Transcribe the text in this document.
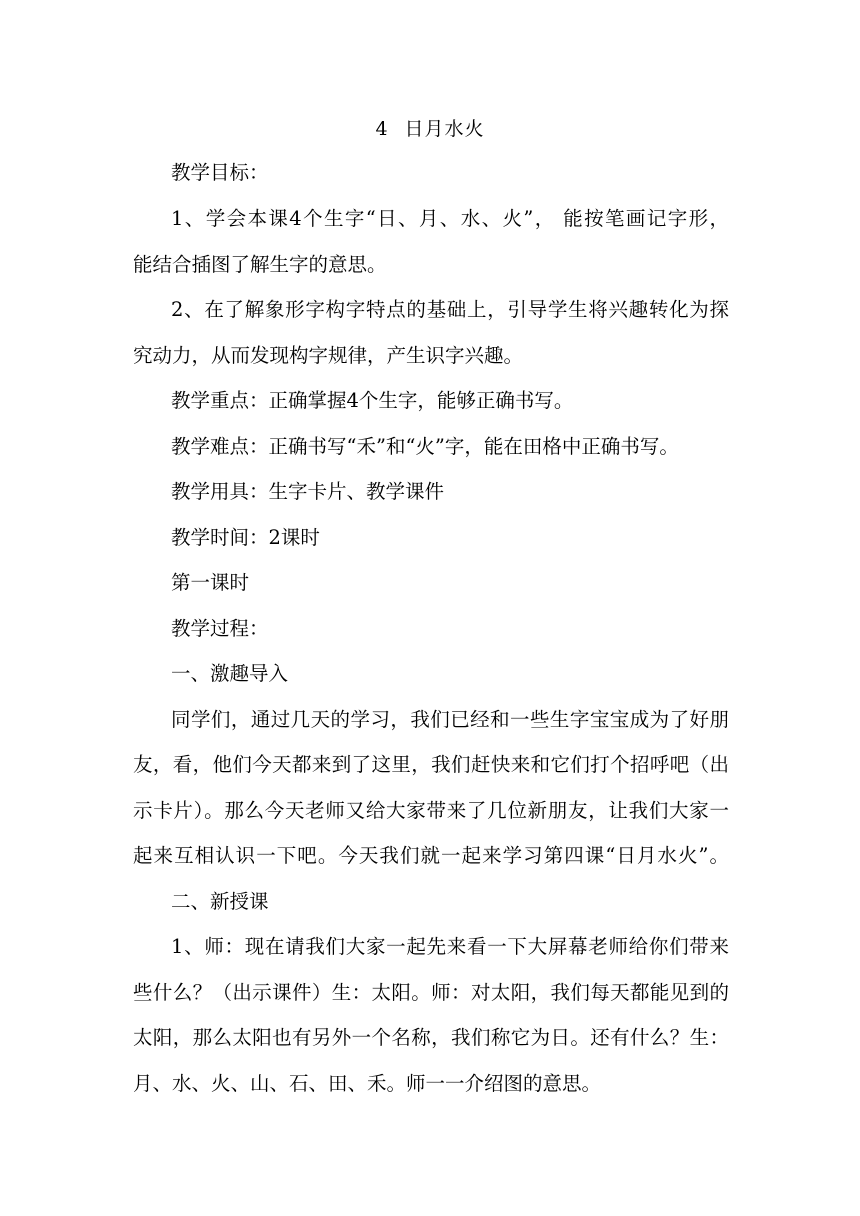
4 日月水火
教学目标：
1、学会本课4个生字“日、月、水、火”， 能按笔画记字形，
能结合插图了解生字的意思。
2、在了解象形字构字特点的基础上，引导学生将兴趣转化为探
究动力，从而发现构字规律，产生识字兴趣。
教学重点：正确掌握4个生字，能够正确书写。
教学难点：正确书写“禾”和“火”字，能在田格中正确书写。
教学用具：生字卡片、教学课件
教学时间：2课时
第一课时
教学过程：
一、激趣导入
同学们，通过几天的学习，我们已经和一些生字宝宝成为了好朋
友，看，他们今天都来到了这里，我们赶快来和它们打个招呼吧（出
示卡片）。那么今天老师又给大家带来了几位新朋友，让我们大家一
起来互相认识一下吧。今天我们就一起来学习第四课“日月水火”。
二、新授课
1、师：现在请我们大家一起先来看一下大屏幕老师给你们带来
些什么？（出示课件）生：太阳。师：对太阳，我们每天都能见到的
太阳，那么太阳也有另外一个名称，我们称它为日。还有什么？生：
月、水、火、山、石、田、禾。师一一介绍图的意思。
